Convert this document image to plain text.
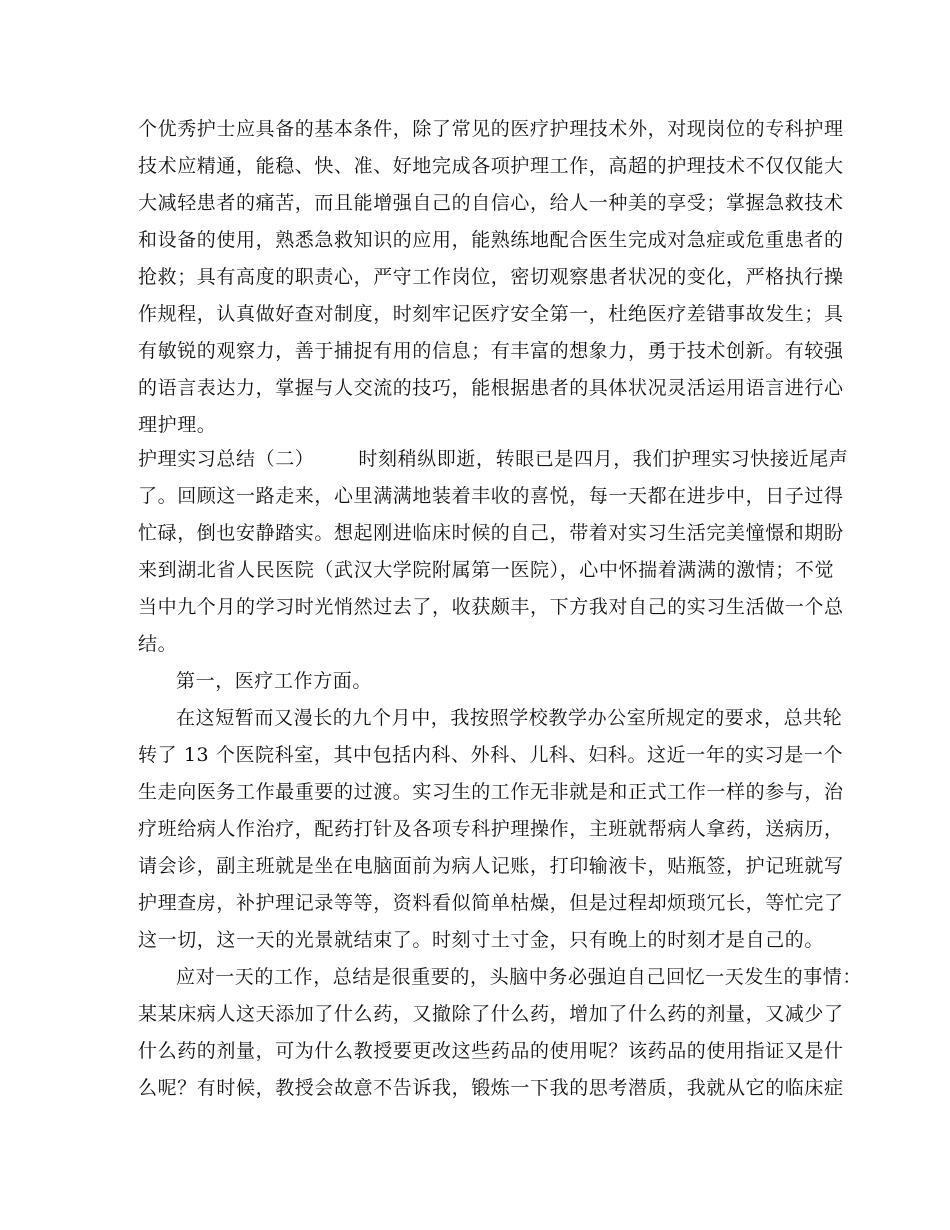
个优秀护士应具备的基本条件，除了常见的医疗护理技术外，对现岗位的专科护理
技术应精通，能稳、快、准、好地完成各项护理工作，高超的护理技术不仅仅能大
大减轻患者的痛苦，而且能增强自己的自信心，给人一种美的享受；掌握急救技术
和设备的使用，熟悉急救知识的应用，能熟练地配合医生完成对急症或危重患者的
抢救；具有高度的职责心，严守工作岗位，密切观察患者状况的变化，严格执行操
作规程，认真做好查对制度，时刻牢记医疗安全第一，杜绝医疗差错事故发生；具
有敏锐的观察力，善于捕捉有用的信息；有丰富的想象力，勇于技术创新。有较强
的语言表达力，掌握与人交流的技巧，能根据患者的具体状况灵活运用语言进行心
理护理。
护理实习总结（二） 时刻稍纵即逝，转眼已是四月，我们护理实习快接近尾声
了。回顾这一路走来，心里满满地装着丰收的喜悦，每一天都在进步中，日子过得
忙碌，倒也安静踏实。想起刚进临床时候的自己，带着对实习生活完美憧憬和期盼
来到湖北省人民医院（武汉大学院附属第一医院），心中怀揣着满满的激情；不觉
当中九个月的学习时光悄然过去了，收获颇丰，下方我对自己的实习生活做一个总
结。
第一，医疗工作方面。
在这短暂而又漫长的九个月中，我按照学校教学办公室所规定的要求，总共轮
转了 13 个医院科室，其中包括内科、外科、儿科、妇科。这近一年的实习是一个
生走向医务工作最重要的过渡。实习生的工作无非就是和正式工作一样的参与，治
疗班给病人作治疗，配药打针及各项专科护理操作，主班就帮病人拿药，送病历，
请会诊，副主班就是坐在电脑面前为病人记账，打印输液卡，贴瓶签，护记班就写
护理查房，补护理记录等等，资料看似简单枯燥，但是过程却烦琐冗长，等忙完了
这一切，这一天的光景就结束了。时刻寸土寸金，只有晚上的时刻才是自己的。
应对一天的工作，总结是很重要的，头脑中务必强迫自己回忆一天发生的事情：
某某床病人这天添加了什么药，又撤除了什么药，增加了什么药的剂量，又减少了
什么药的剂量，可为什么教授要更改这些药品的使用呢？该药品的使用指证又是什
么呢？有时候，教授会故意不告诉我，锻炼一下我的思考潜质，我就从它的临床症
